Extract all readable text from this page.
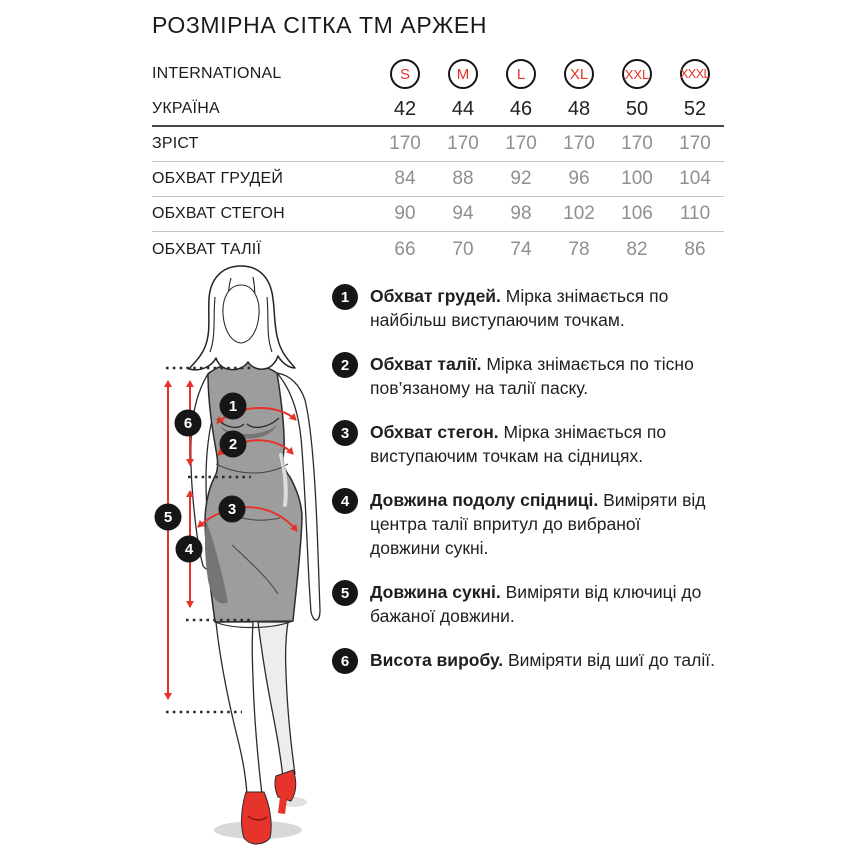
РОЗМІРНА СІТКА ТМ АРЖЕН
INTERNATIONAL	S	M	L	XL	XXL	XXXL
УКРАЇНА	42	44	46	48	50	52
ЗРІСТ	170	170	170	170	170	170
ОБХВАТ ГРУДЕЙ	84	88	92	96	100	104
ОБХВАТ СТЕГОН	90	94	98	102	106	110
ОБХВАТ ТАЛІЇ	66	70	74	78	82	86
1
2
3
6
5
4
1	Обхват грудей. Мірка знімається по найбільш виступаючим точкам.
2	Обхват талії. Мірка знімається по тісно пов’язаному на талії паску.
3	Обхват стегон. Мірка знімається по виступаючим точкам на сідницях.
4	Довжина подолу спідниці. Виміряти від центра талії впритул до вибраної довжини сукні.
5	Довжина сукні. Виміряти від ключиці до бажаної довжини.
6	Висота виробу. Виміряти від шиї до талії.
